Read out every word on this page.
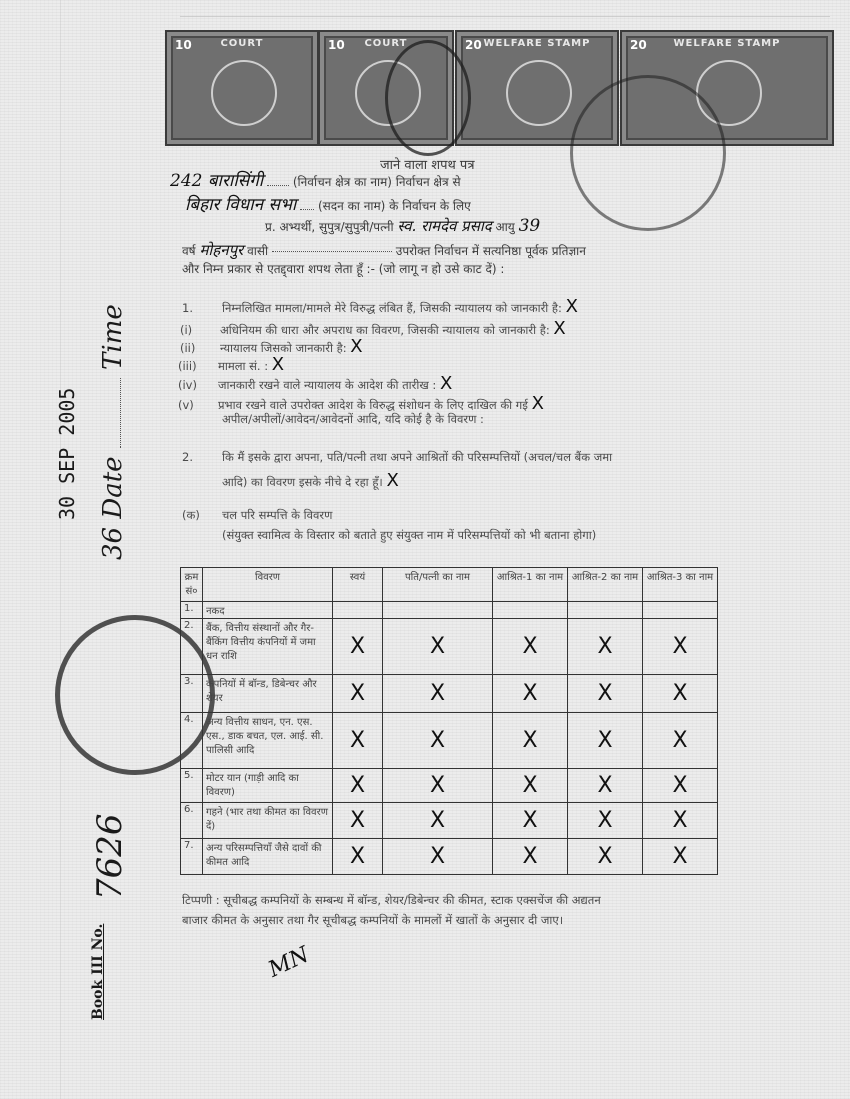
10	COURT	10	COURT	20 WELFARE STAMP	20	WELFARE STAMP
जाने वाला शपथ पत्र
242 बारासिंगी (निर्वाचन क्षेत्र का नाम) निर्वाचन क्षेत्र से
बिहार विधान सभा (सदन का नाम) के निर्वाचन के लिए
प्र. अभ्यर्थी, सुपुत्र/सुपुत्री/पत्नी स्व. रामदेव प्रसाद आयु 39
वर्ष मोहनपुर वासी	उपरोक्त निर्वाचन में सत्यनिष्ठा पूर्वक प्रतिज्ञान
और निम्न प्रकार से एतद्द्वारा शपथ लेता हूँ :- (जो लागू न हो उसे काट दें) :
1.	निम्नलिखित मामला/मामले मेरे विरुद्ध लंबित हैं, जिसकी न्यायालय को जानकारी है: X
(i) अधिनियम की धारा और अपराध का विवरण, जिसकी न्यायालय को जानकारी है: X
(ii) न्यायालय जिसको जानकारी है: X
(iii) मामला सं. : X
(iv) जानकारी रखने वाले न्यायालय के आदेश की तारीख : X
(v) प्रभाव रखने वाले उपरोक्त आदेश के विरुद्ध संशोधन के लिए दाखिल की गई X
अपील/अपीलों/आवेदन/आवेदनों आदि, यदि कोई है के विवरण :
2.	कि मैं इसके द्वारा अपना, पति/पत्नी तथा अपने आश्रितों की परिसम्पत्तियों (अचल/चल बैंक जमा
आदि) का विवरण इसके नीचे दे रहा हूँ। X
(क) चल परि सम्पत्ति के विवरण
(संयुक्त स्वामित्व के विस्तार को बताते हुए संयुक्त नाम में परिसम्पत्तियों को भी बताना होगा)
क्रम सं०	विवरण	स्वयं	पति/पत्नी का नाम	आश्रित-1 का नाम	आश्रित-2 का नाम	आश्रित-3 का नाम
1.	नकद					
2.	बैंक, वित्तीय संस्थानों और गैर-बैंकिंग वित्तीय कंपनियों में जमा धन राशि	X	X	X	X	X
3.	कंपनियों में बॉन्ड, डिबेन्चर और शेयर	X	X	X	X	X
4.	अन्य वित्तीय साधन, एन. एस. एस., डाक बचत, एल. आई. सी. पालिसी आदि	X	X	X	X	X
5.	मोटर यान (गाड़ी आदि का विवरण)	X	X	X	X	X
6.	गहने (भार तथा कीमत का विवरण दें)	X	X	X	X	X
7.	अन्य परिसम्पत्तियाँ जैसे दावों की कीमत आदि	X	X	X	X	X
टिप्पणी : सूचीबद्ध कम्पनियों के सम्बन्ध में बॉन्ड, शेयर/डिबेन्चर की कीमत, स्टाक एक्सचेंज की अद्यतन
बाजार कीमत के अनुसार तथा गैर सूचीबद्ध कम्पनियों के मामलों में खातों के अनुसार दी जाए।
MN
30 SEP 2005 36 Date  Time
Book III No.
7626
